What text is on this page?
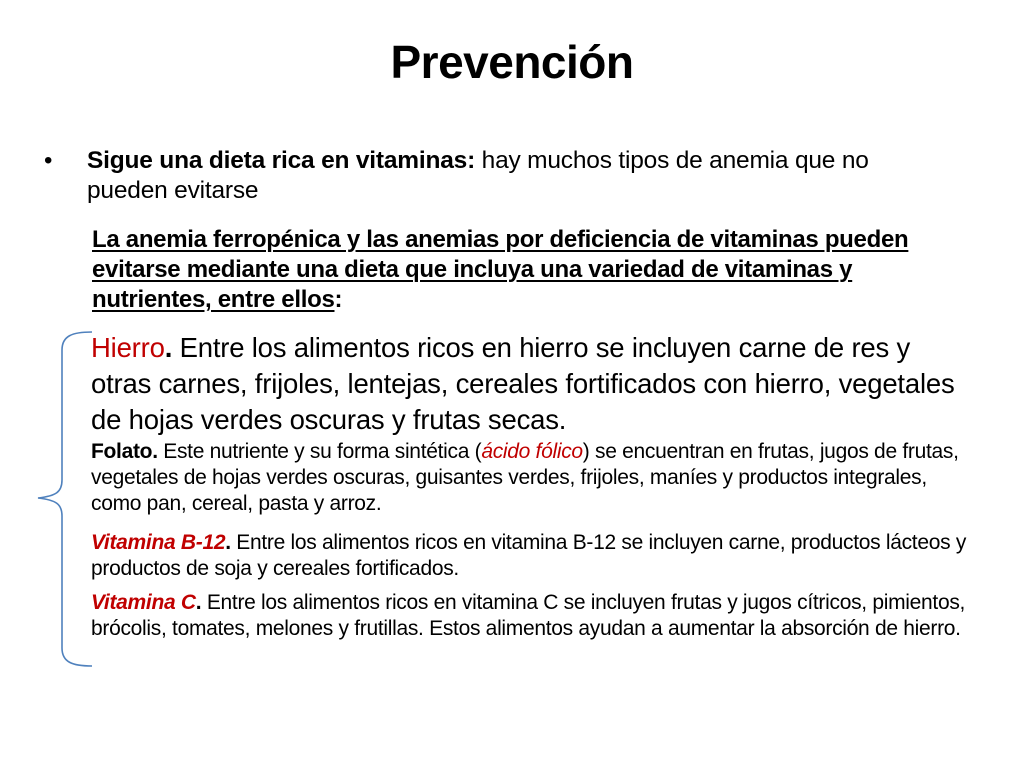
Prevención
• Sigue una dieta rica en vitaminas: hay muchos tipos de anemia que no pueden evitarse
La anemia ferropénica y las anemias por deficiencia de vitaminas pueden evitarse mediante una dieta que incluya una variedad de vitaminas y nutrientes, entre ellos:
Hierro. Entre los alimentos ricos en hierro se incluyen carne de res y otras carnes, frijoles, lentejas, cereales fortificados con hierro, vegetales de hojas verdes oscuras y frutas secas.
Folato. Este nutriente y su forma sintética (ácido fólico) se encuentran en frutas, jugos de frutas, vegetales de hojas verdes oscuras, guisantes verdes, frijoles, maníes y productos integrales, como pan, cereal, pasta y arroz.
Vitamina B-12. Entre los alimentos ricos en vitamina B-12 se incluyen carne, productos lácteos y productos de soja y cereales fortificados.
Vitamina C. Entre los alimentos ricos en vitamina C se incluyen frutas y jugos cítricos, pimientos, brócolis, tomates, melones y frutillas. Estos alimentos ayudan a aumentar la absorción de hierro.
